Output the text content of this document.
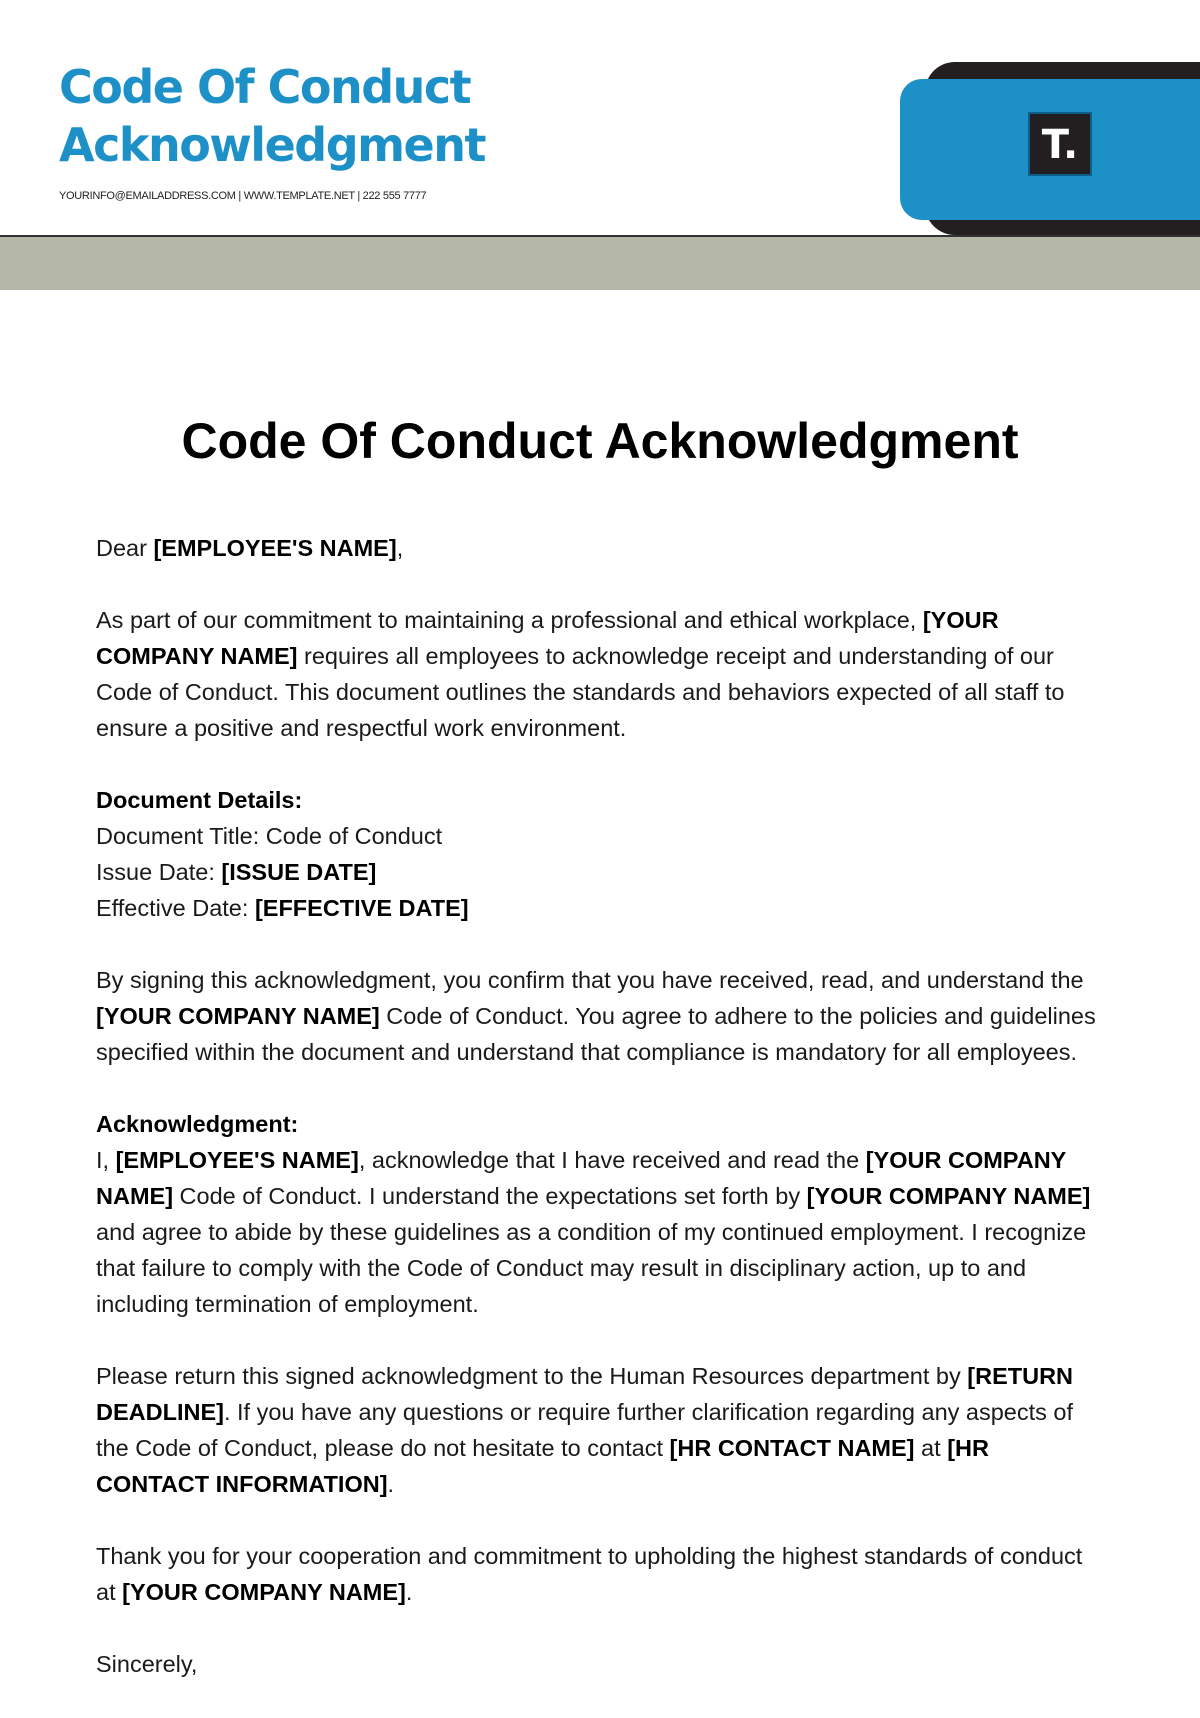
Code Of Conduct
Acknowledgment
YOURINFO@EMAILADDRESS.COM | WWW.TEMPLATE.NET | 222 555 7777
T.
Code Of Conduct Acknowledgment

Dear [EMPLOYEE'S NAME],

As part of our commitment to maintaining a professional and ethical workplace, [YOUR COMPANY NAME] requires all employees to acknowledge receipt and understanding of our Code of Conduct. This document outlines the standards and behaviors expected of all staff to ensure a positive and respectful work environment.

Document Details:
Document Title: Code of Conduct
Issue Date: [ISSUE DATE]
Effective Date: [EFFECTIVE DATE]

By signing this acknowledgment, you confirm that you have received, read, and understand the [YOUR COMPANY NAME] Code of Conduct. You agree to adhere to the policies and guidelines specified within the document and understand that compliance is mandatory for all employees.

Acknowledgment:
I, [EMPLOYEE'S NAME], acknowledge that I have received and read the [YOUR COMPANY NAME] Code of Conduct. I understand the expectations set forth by [YOUR COMPANY NAME] and agree to abide by these guidelines as a condition of my continued employment. I recognize that failure to comply with the Code of Conduct may result in disciplinary action, up to and including termination of employment.

Please return this signed acknowledgment to the Human Resources department by [RETURN DEADLINE]. If you have any questions or require further clarification regarding any aspects of the Code of Conduct, please do not hesitate to contact [HR CONTACT NAME] at [HR CONTACT INFORMATION].

Thank you for your cooperation and commitment to upholding the highest standards of conduct at [YOUR COMPANY NAME].

Sincerely,
